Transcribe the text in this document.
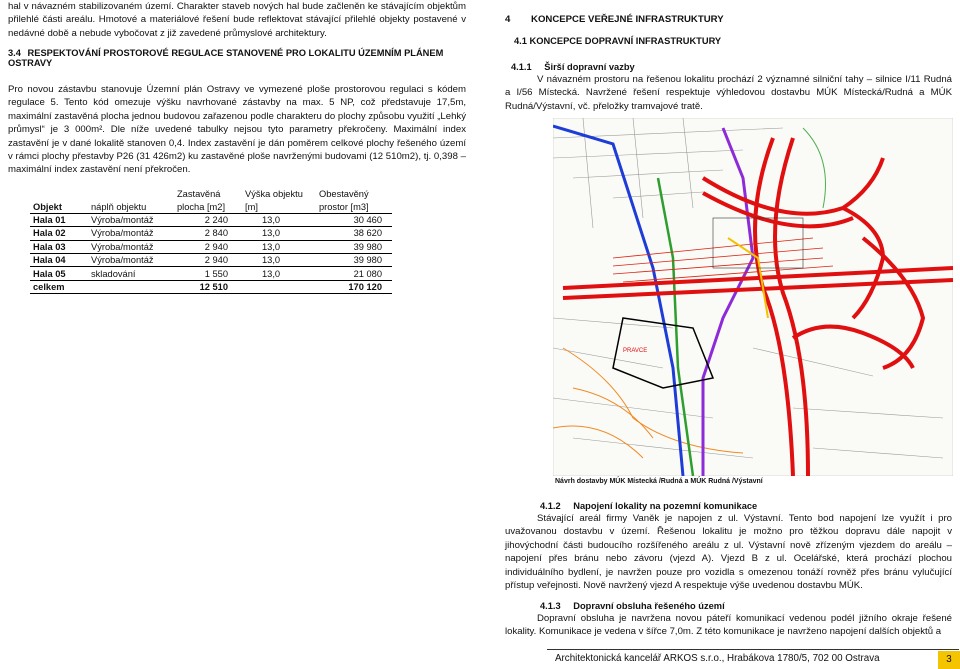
hal v návazném stabilizovaném území. Charakter staveb nových hal bude začleněn ke stávajícím objektům přilehlé části areálu. Hmotové a materiálové řešení bude reflektovat stávající přilehlé objekty postavené v nedávné době a nebude vybočovat z již zavedené průmyslové architektury.
3.4 RESPEKTOVÁNÍ PROSTOROVÉ REGULACE STANOVENÉ PRO LOKALITU ÚZEMNÍM PLÁNEM OSTRAVY
Pro novou zástavbu stanovuje Územní plán Ostravy ve vymezené ploše prostorovou regulaci s kódem regulace 5. Tento kód omezuje výšku navrhované zástavby na max. 5 NP, což představuje 17,5m, maximální zastavěná plocha jednou budovou zařazenou podle charakteru do plochy způsobu využití „Lehký průmysl“ je 3 000m². Dle níže uvedené tabulky nejsou tyto parametry překročeny. Maximální index zastavění je v dané lokalitě stanoven 0,4. Index zastavění je dán poměrem celkové plochy řešeného území v rámci plochy přestavby P26 (31 426m2) ku zastavěné ploše navrženými budovami (12 510m2), tj. 0,398 – maximální index zastavění není překročen.
		Zastavěná	Výška objektu	Obestavěný
Objekt	náplň objektu	plocha [m2]	[m]	prostor [m3]
Hala 01	Výroba/montáž	2 240	13,0	30 460
Hala 02	Výroba/montáž	2 840	13,0	38 620
Hala 03	Výroba/montáž	2 940	13,0	39 980
Hala 04	Výroba/montáž	2 940	13,0	39 980
Hala 05	skladování	1 550	13,0	21 080
celkem		12 510		170 120
4 KONCEPCE VEŘEJNÉ INFRASTRUKTURY
4.1 KONCEPCE DOPRAVNÍ INFRASTRUKTURY
4.1.1 Širší dopravní vazby
V návazném prostoru na řešenou lokalitu prochází 2 významné silniční tahy – silnice I/11 Rudná a I/56 Místecká. Navržené řešení respektuje výhledovou dostavbu MÚK Místecká/Rudná a MÚK Rudná/Výstavní, vč. přeložky tramvajové tratě.
PRAVCE
Návrh dostavby MÚK Místecká /Rudná a MÚK Rudná /Výstavní
4.1.2 Napojení lokality na pozemní komunikace
Stávající areál firmy Vaněk je napojen z ul. Výstavní. Tento bod napojení lze využít i pro uvažovanou dostavbu v území. Řešenou lokalitu je možno pro těžkou dopravu dále napojit v jihovýchodní části budoucího rozšířeného areálu z ul. Výstavní nově zřízeným vjezdem do areálu – napojení přes bránu nebo závoru (vjezd A). Vjezd B z ul. Ocelářské, která prochází plochou individuálního bydlení, je navržen pouze pro vozidla s omezenou tonáží rovněž přes bránu vylučující přístup veřejnosti. Nově navržený vjezd A respektuje výše uvedenou dostavbu MÚK.
4.1.3 Dopravní obsluha řešeného území
Dopravní obsluha je navržena novou páteří komunikací vedenou podél jižního okraje řešené lokality. Komunikace je vedena v šířce 7,0m. Z této komunikace je navrženo napojení dalších objektů a
Architektonická kancelář ARKOS s.r.o., Hrabákova 1780/5, 702 00 Ostrava	3
